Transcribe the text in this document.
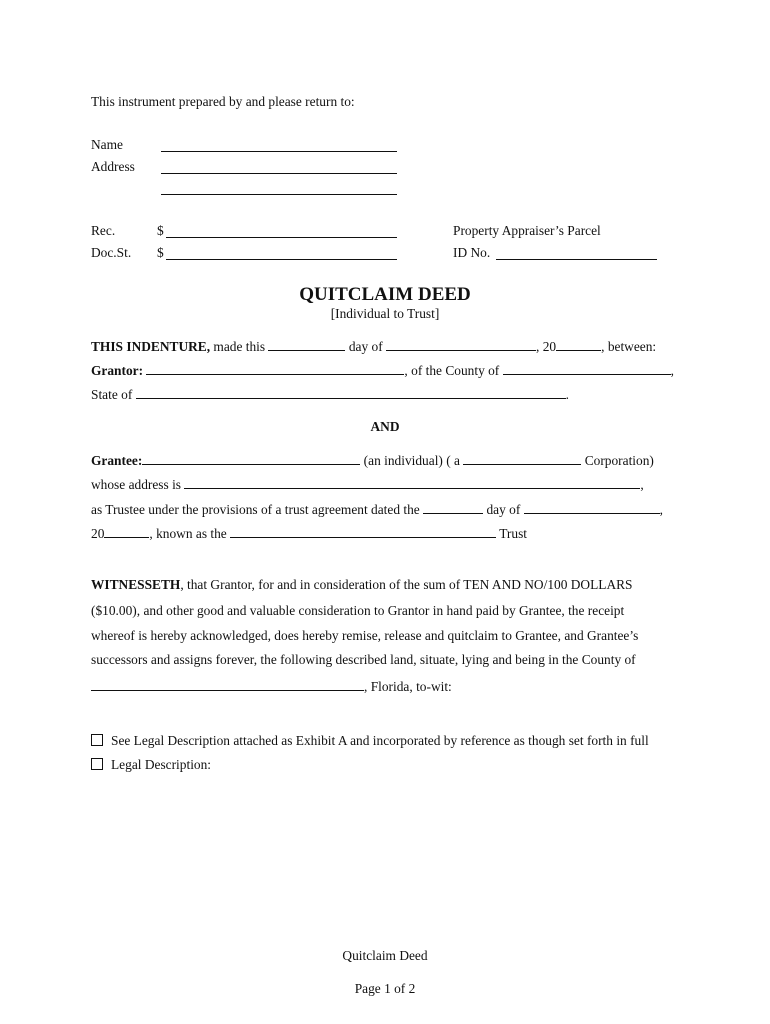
This instrument prepared by and please return to:
Name
Address
Rec.	$	Property Appraiser’s Parcel
Doc.St. $	ID No.
QUITCLAIM DEED
[Individual to Trust]
THIS INDENTURE, made this	day of	, 20	, between:
Grantor:	, of the County of	,
State of	.
AND
Grantee:	(an individual) ( a	Corporation)
whose address is	,
as Trustee under the provisions of a trust agreement dated the	day of	,
20	, known as the	Trust
WITNESSETH, that Grantor, for and in consideration of the sum of TEN AND NO/100 DOLLARS
($10.00), and other good and valuable consideration to Grantor in hand paid by Grantee, the receipt
whereof is hereby acknowledged, does hereby remise, release and quitclaim to Grantee, and Grantee’s
successors and assigns forever, the following described land, situate, lying and being in the County of
, Florida, to-wit:
See Legal Description attached as Exhibit A and incorporated by reference as though set forth in full
Legal Description:
Quitclaim Deed
Page 1 of 2
